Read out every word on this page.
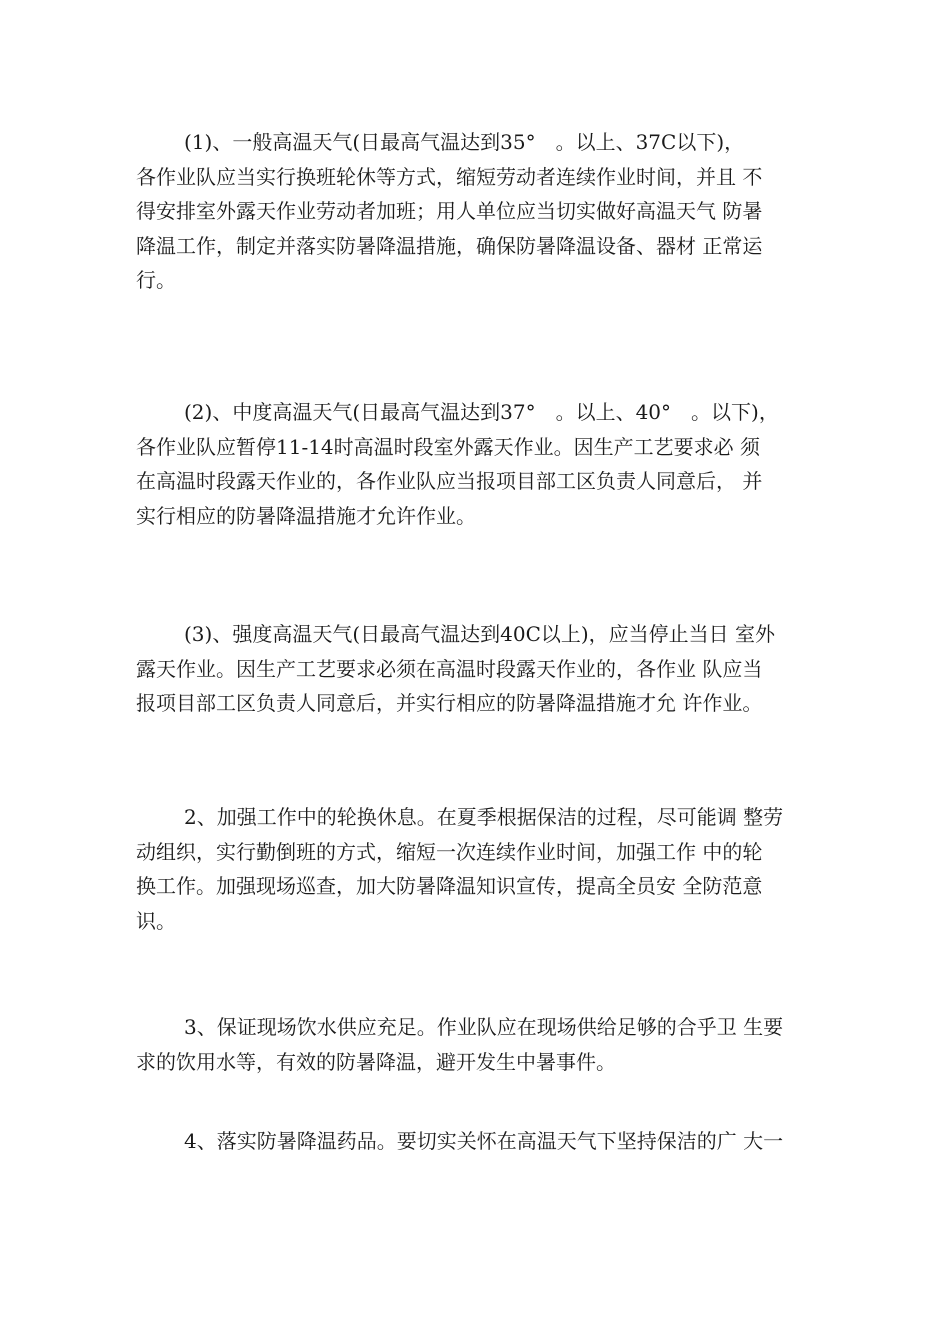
(1)、一般高温天气(日最高气温达到35°　。以上、37C以下)，
各作业队应当实行换班轮休等方式，缩短劳动者连续作业时间，并且 不
得安排室外露天作业劳动者加班；用人单位应当切实做好高温天气 防暑
降温工作，制定并落实防暑降温措施，确保防暑降温设备、器材 正常运
行。

(2)、中度高温天气(日最高气温达到37°　。以上、40°　。以下)，
各作业队应暂停11-14时高温时段室外露天作业。因生产工艺要求必 须
在高温时段露天作业的，各作业队应当报项目部工区负责人同意后， 并
实行相应的防暑降温措施才允许作业。

(3)、强度高温天气(日最高气温达到40C以上)，应当停止当日 室外
露天作业。因生产工艺要求必须在高温时段露天作业的，各作业 队应当
报项目部工区负责人同意后，并实行相应的防暑降温措施才允 许作业。

2、加强工作中的轮换休息。在夏季根据保洁的过程，尽可能调 整劳
动组织，实行勤倒班的方式，缩短一次连续作业时间，加强工作 中的轮
换工作。加强现场巡查，加大防暑降温知识宣传，提高全员安 全防范意
识。

3、保证现场饮水供应充足。作业队应在现场供给足够的合乎卫 生要
求的饮用水等，有效的防暑降温，避开发生中暑事件。

4、落实防暑降温药品。要切实关怀在高温天气下坚持保洁的广 大一
